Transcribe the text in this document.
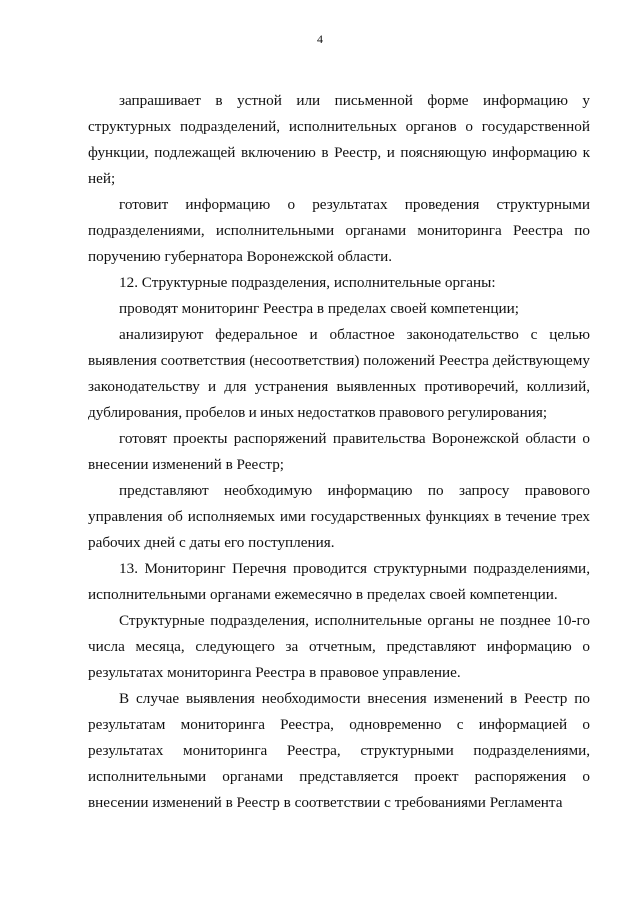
4

запрашивает в устной или письменной форме информацию у структурных подразделений, исполнительных органов о государственной функции, подлежащей включению в Реестр, и поясняющую информацию к ней;

готовит информацию о результатах проведения структурными подразделениями, исполнительными органами мониторинга Реестра по поручению губернатора Воронежской области.

12. Структурные подразделения, исполнительные органы:

проводят мониторинг Реестра в пределах своей компетенции;

анализируют федеральное и областное законодательство с целью выявления соответствия (несоответствия) положений Реестра действующему законодательству и для устранения выявленных противоречий, коллизий, дублирования, пробелов и иных недостатков правового регулирования;

готовят проекты распоряжений правительства Воронежской области о внесении изменений в Реестр;

представляют необходимую информацию по запросу правового управления об исполняемых ими государственных функциях в течение трех рабочих дней с даты его поступления.

13. Мониторинг Перечня проводится структурными подразделениями, исполнительными органами ежемесячно в пределах своей компетенции.

Структурные подразделения, исполнительные органы не позднее 10-го числа месяца, следующего за отчетным, представляют информацию о результатах мониторинга Реестра в правовое управление.

В случае выявления необходимости внесения изменений в Реестр по результатам мониторинга Реестра, одновременно с информацией о результатах мониторинга Реестра, структурными подразделениями, исполнительными органами представляется проект распоряжения о внесении изменений в Реестр в соответствии с требованиями Регламента
